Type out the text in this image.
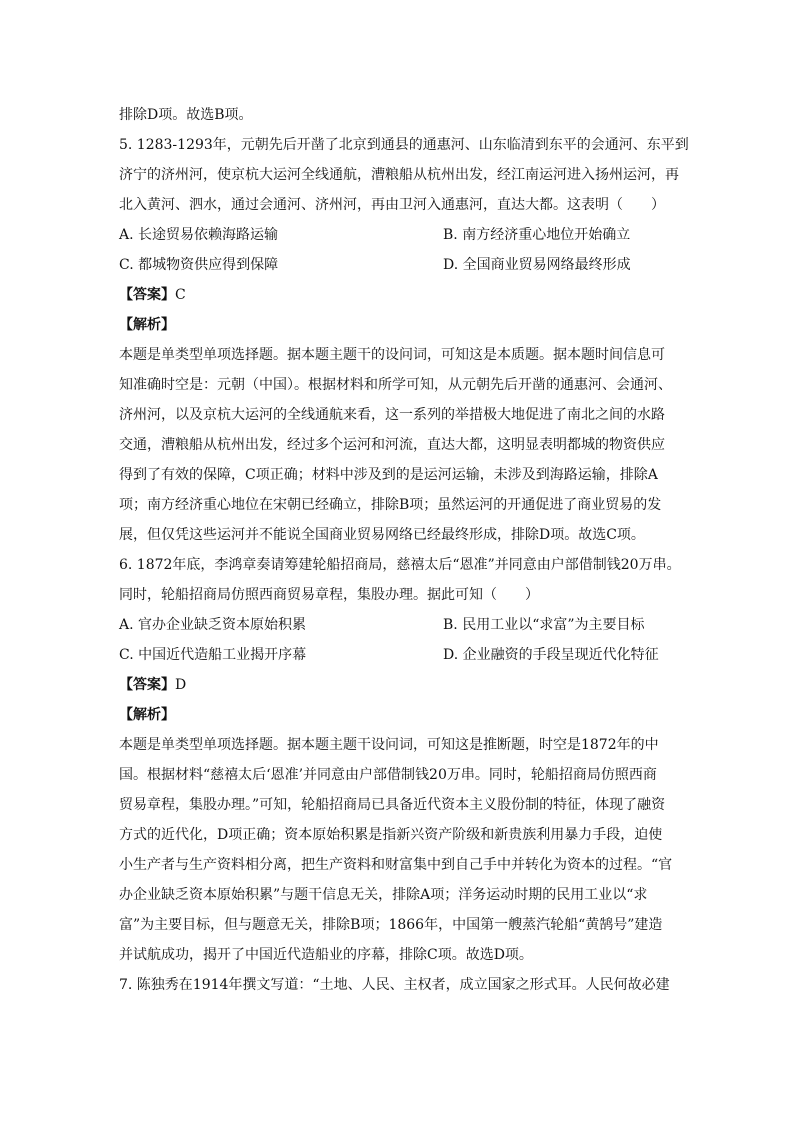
排除D项。故选B项。
5. 1283-1293年，元朝先后开凿了北京到通县的通惠河、山东临清到东平的会通河、东平到
济宁的济州河，使京杭大运河全线通航，漕粮船从杭州出发，经江南运河进入扬州运河，再
北入黄河、泗水，通过会通河、济州河，再由卫河入通惠河，直达大都。这表明（　　）
A. 长途贸易依赖海路运输	B. 南方经济重心地位开始确立
C. 都城物资供应得到保障	D. 全国商业贸易网络最终形成
【答案】C
【解析】
本题是单类型单项选择题。据本题主题干的设问词，可知这是本质题。据本题时间信息可
知准确时空是：元朝（中国）。根据材料和所学可知，从元朝先后开凿的通惠河、会通河、
济州河，以及京杭大运河的全线通航来看，这一系列的举措极大地促进了南北之间的水路
交通，漕粮船从杭州出发，经过多个运河和河流，直达大都，这明显表明都城的物资供应
得到了有效的保障，C项正确；材料中涉及到的是运河运输，未涉及到海路运输，排除A
项；南方经济重心地位在宋朝已经确立，排除B项；虽然运河的开通促进了商业贸易的发
展，但仅凭这些运河并不能说全国商业贸易网络已经最终形成，排除D项。故选C项。
6. 1872年底，李鸿章奏请筹建轮船招商局，慈禧太后“恩准”并同意由户部借制钱20万串。
同时，轮船招商局仿照西商贸易章程，集股办理。据此可知（　　）
A. 官办企业缺乏资本原始积累	B. 民用工业以“求富”为主要目标
C. 中国近代造船工业揭开序幕	D. 企业融资的手段呈现近代化特征
【答案】D
【解析】
本题是单类型单项选择题。据本题主题干设问词，可知这是推断题，时空是1872年的中
国。根据材料“慈禧太后‘恩准’并同意由户部借制钱20万串。同时，轮船招商局仿照西商
贸易章程，集股办理。”可知，轮船招商局已具备近代资本主义股份制的特征，体现了融资
方式的近代化，D项正确；资本原始积累是指新兴资产阶级和新贵族利用暴力手段，迫使
小生产者与生产资料相分离，把生产资料和财富集中到自己手中并转化为资本的过程。“官
办企业缺乏资本原始积累”与题干信息无关，排除A项；洋务运动时期的民用工业以“求
富”为主要目标，但与题意无关，排除B项；1866年，中国第一艘蒸汽轮船“黄鹄号”建造
并试航成功，揭开了中国近代造船业的序幕，排除C项。故选D项。
7. 陈独秀在1914年撰文写道：“土地、人民、主权者，成立国家之形式耳。人民何故必建
